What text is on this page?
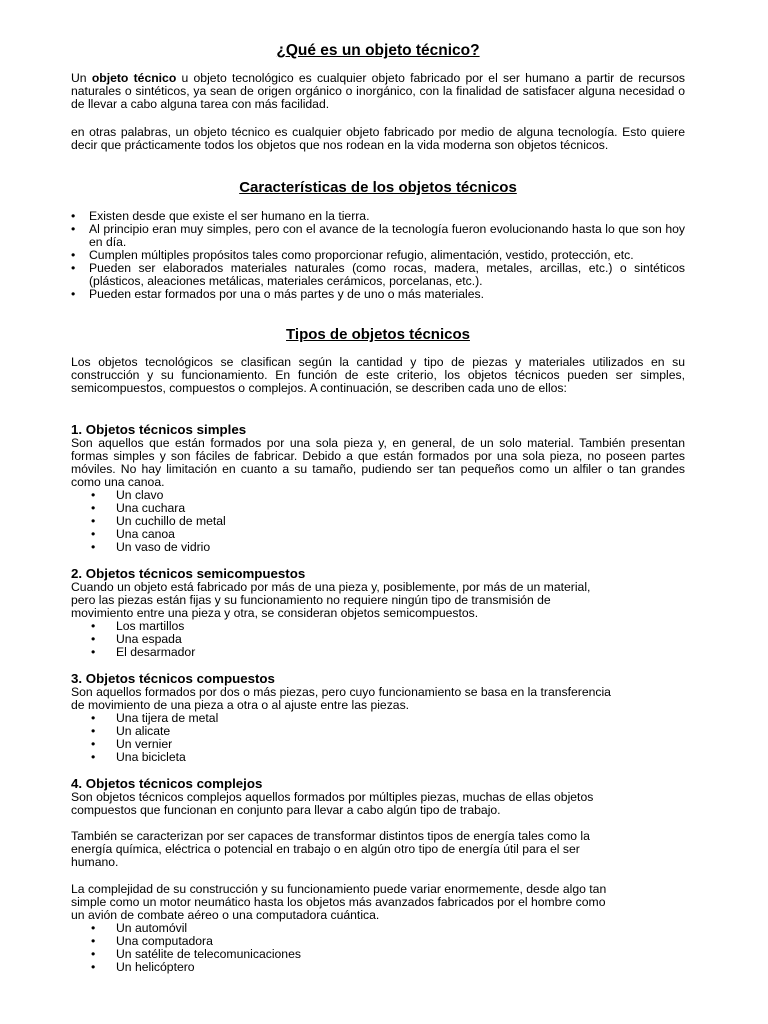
¿Qué es un objeto técnico?

Un objeto técnico u objeto tecnológico es cualquier objeto fabricado por el ser humano a partir de recursos naturales o sintéticos, ya sean de origen orgánico o inorgánico, con la finalidad de satisfacer alguna necesidad o de llevar a cabo alguna tarea con más facilidad.

en otras palabras, un objeto técnico es cualquier objeto fabricado por medio de alguna tecnología. Esto quiere decir que prácticamente todos los objetos que nos rodean en la vida moderna son objetos técnicos.

Características de los objetos técnicos
• Existen desde que existe el ser humano en la tierra.
• Al principio eran muy simples, pero con el avance de la tecnología fueron evolucionando hasta lo que son hoy en día.
• Cumplen múltiples propósitos tales como proporcionar refugio, alimentación, vestido, protección, etc.
• Pueden ser elaborados materiales naturales (como rocas, madera, metales, arcillas, etc.) o sintéticos (plásticos, aleaciones metálicas, materiales cerámicos, porcelanas, etc.).
• Pueden estar formados por una o más partes y de uno o más materiales.
Tipos de objetos técnicos

Los objetos tecnológicos se clasifican según la cantidad y tipo de piezas y materiales utilizados en su construcción y su funcionamiento. En función de este criterio, los objetos técnicos pueden ser simples, semicompuestos, compuestos o complejos. A continuación, se describen cada uno de ellos:

1. Objetos técnicos simples

Son aquellos que están formados por una sola pieza y, en general, de un solo material. También presentan formas simples y son fáciles de fabricar. Debido a que están formados por una sola pieza, no poseen partes móviles. No hay limitación en cuanto a su tamaño, pudiendo ser tan pequeños como un alfiler o tan grandes como una canoa.

• Un clavo
• Una cuchara
• Un cuchillo de metal
• Una canoa
• Un vaso de vidrio
2. Objetos técnicos semicompuestos

Cuando un objeto está fabricado por más de una pieza y, posiblemente, por más de un material,
pero las piezas están fijas y su funcionamiento no requiere ningún tipo de transmisión de
movimiento entre una pieza y otra, se consideran objetos semicompuestos.

• Los martillos
• Una espada
• El desarmador
3. Objetos técnicos compuestos

Son aquellos formados por dos o más piezas, pero cuyo funcionamiento se basa en la transferencia
de movimiento de una pieza a otra o al ajuste entre las piezas.

• Una tijera de metal
• Un alicate
• Un vernier
• Una bicicleta
4. Objetos técnicos complejos

Son objetos técnicos complejos aquellos formados por múltiples piezas, muchas de ellas objetos
compuestos que funcionan en conjunto para llevar a cabo algún tipo de trabajo.

También se caracterizan por ser capaces de transformar distintos tipos de energía tales como la
energía química, eléctrica o potencial en trabajo o en algún otro tipo de energía útil para el ser
humano.

La complejidad de su construcción y su funcionamiento puede variar enormemente, desde algo tan
simple como un motor neumático hasta los objetos más avanzados fabricados por el hombre como
un avión de combate aéreo o una computadora cuántica.

• Un automóvil
• Una computadora
• Un satélite de telecomunicaciones
• Un helicóptero
